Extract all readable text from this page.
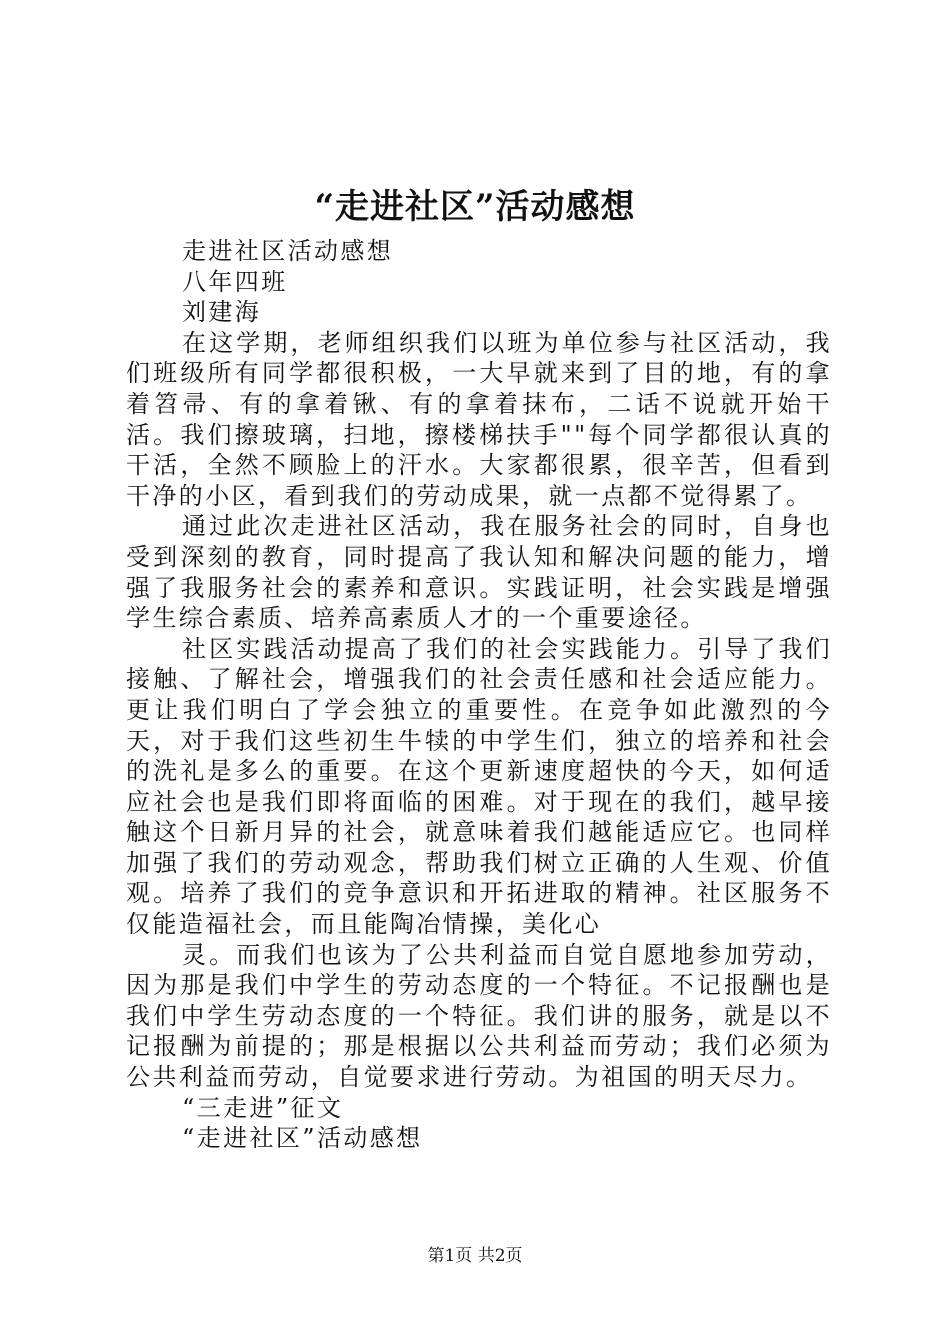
“走进社区”活动感想

走进社区活动感想

八年四班

刘建海

在这学期，老师组织我们以班为单位参与社区活动，我们班级所有同学都很积极，一大早就来到了目的地，有的拿着笤帚、有的拿着锹、有的拿着抹布，二话不说就开始干活。我们擦玻璃，扫地，擦楼梯扶手""每个同学都很认真的干活，全然不顾脸上的汗水。大家都很累，很辛苦，但看到干净的小区，看到我们的劳动成果，就一点都不觉得累了。

通过此次走进社区活动，我在服务社会的同时，自身也受到深刻的教育，同时提高了我认知和解决问题的能力，增强了我服务社会的素养和意识。实践证明，社会实践是增强学生综合素质、培养高素质人才的一个重要途径。

社区实践活动提高了我们的社会实践能力。引导了我们接触、了解社会，增强我们的社会责任感和社会适应能力。更让我们明白了学会独立的重要性。在竞争如此激烈的今天，对于我们这些初生牛犊的中学生们，独立的培养和社会的洗礼是多么的重要。在这个更新速度超快的今天，如何适应社会也是我们即将面临的困难。对于现在的我们，越早接触这个日新月异的社会，就意味着我们越能适应它。也同样加强了我们的劳动观念，帮助我们树立正确的人生观、价值观。培养了我们的竞争意识和开拓进取的精神。社区服务不仅能造福社会，而且能陶冶情操，美化心

灵。而我们也该为了公共利益而自觉自愿地参加劳动，因为那是我们中学生的劳动态度的一个特征。不记报酬也是我们中学生劳动态度的一个特征。我们讲的服务，就是以不记报酬为前提的；那是根据以公共利益而劳动；我们必须为公共利益而劳动，自觉要求进行劳动。为祖国的明天尽力。

“三走进”征文

“走进社区”活动感想

第1页 共2页
